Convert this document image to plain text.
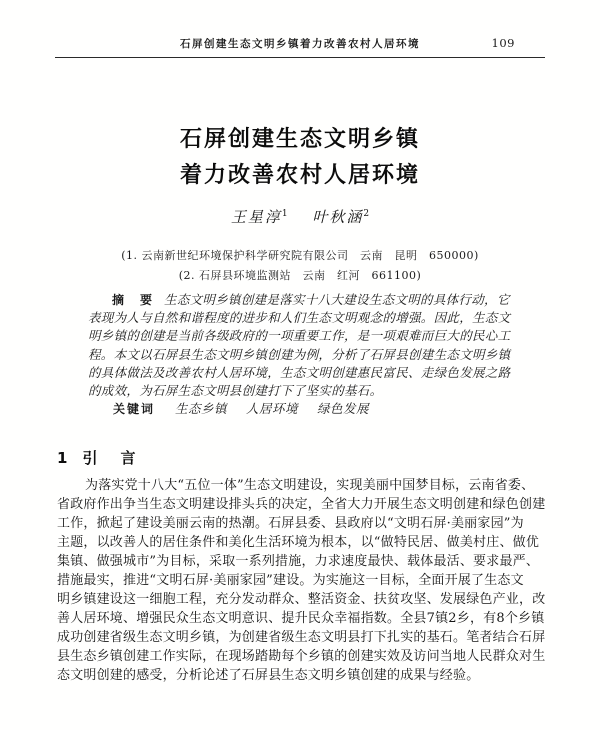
石屏创建生态文明乡镇着力改善农村人居环境	109
石屏创建生态文明乡镇
着力改善农村人居环境
王星淳$^1$ 叶秋涵$^2$
(1. 云南新世纪环境保护科学研究院有限公司　云南　昆明　650000)
(2. 石屏县环境监测站　云南　红河　661100)
摘　要 生态文明乡镇创建是落实十八大建设生态文明的具体行动，它
表现为人与自然和谐程度的进步和人们生态文明观念的增强。因此，生态文
明乡镇的创建是当前各级政府的一项重要工作，是一项艰难而巨大的民心工
程。本文以石屏县生态文明乡镇创建为例，分析了石屏县创建生态文明乡镇
的具体做法及改善农村人居环境，生态文明创建惠民富民、走绿色发展之路
的成效，为石屏生态文明县创建打下了坚实的基石。
关键词 生态乡镇 人居环境 绿色发展
1 引　言
为落实党十八大“五位一体”生态文明建设，实现美丽中国梦目标，云南省委、
省政府作出争当生态文明建设排头兵的决定，全省大力开展生态文明创建和绿色创建
工作，掀起了建设美丽云南的热潮。石屏县委、县政府以“文明石屏·美丽家园”为
主题，以改善人的居住条件和美化生活环境为根本，以“做特民居、做美村庄、做优
集镇、做强城市”为目标，采取一系列措施，力求速度最快、载体最活、要求最严、
措施最实，推进“文明石屏·美丽家园”建设。为实施这一目标，全面开展了生态文
明乡镇建设这一细胞工程，充分发动群众、整活资金、扶贫攻坚、发展绿色产业，改
善人居环境、增强民众生态文明意识、提升民众幸福指数。全县7镇2乡，有8个乡镇
成功创建省级生态文明乡镇，为创建省级生态文明县打下扎实的基石。笔者结合石屏
县生态乡镇创建工作实际，在现场踏勘每个乡镇的创建实效及访问当地人民群众对生
态文明创建的感受，分析论述了石屏县生态文明乡镇创建的成果与经验。
